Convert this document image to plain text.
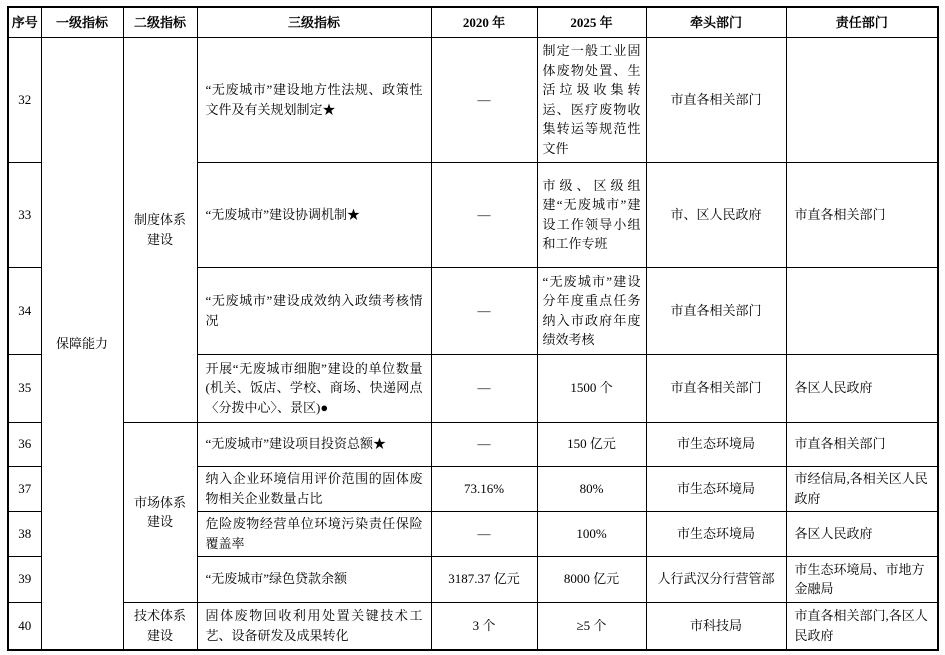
序号	一级指标	二级指标	三级指标	2020 年	2025 年	牵头部门	责任部门
32	保障能力	制度体系建设	“无废城市”建设地方性法规、政策性文件及有关规划制定★	—	制定一般工业固体废物处置、生活垃圾收集转运、医疗废物收集转运等规范性文件	市直各相关部门	
33			“无废城市”建设协调机制★	—	市级、区级组建“无废城市”建设工作领导小组和工作专班	市、区人民政府	市直各相关部门
34			“无废城市”建设成效纳入政绩考核情况	—	“无废城市”建设分年度重点任务纳入市政府年度绩效考核	市直各相关部门	
35			开展“无废城市细胞”建设的单位数量(机关、饭店、学校、商场、快递网点〈分拨中心〉、景区)●	—	1500 个	市直各相关部门	各区人民政府
36		市场体系建设	“无废城市”建设项目投资总额★	—	150 亿元	市生态环境局	市直各相关部门
37			纳入企业环境信用评价范围的固体废物相关企业数量占比	73.16%	80%	市生态环境局	市经信局,各相关区人民政府
38			危险废物经营单位环境污染责任保险覆盖率	—	100%	市生态环境局	各区人民政府
39			“无废城市”绿色贷款余额	3187.37 亿元	8000 亿元	人行武汉分行营管部	市生态环境局、市地方金融局
40		技术体系建设	固体废物回收利用处置关键技术工艺、设备研发及成果转化	3 个	≥5 个	市科技局	市直各相关部门,各区人民政府
